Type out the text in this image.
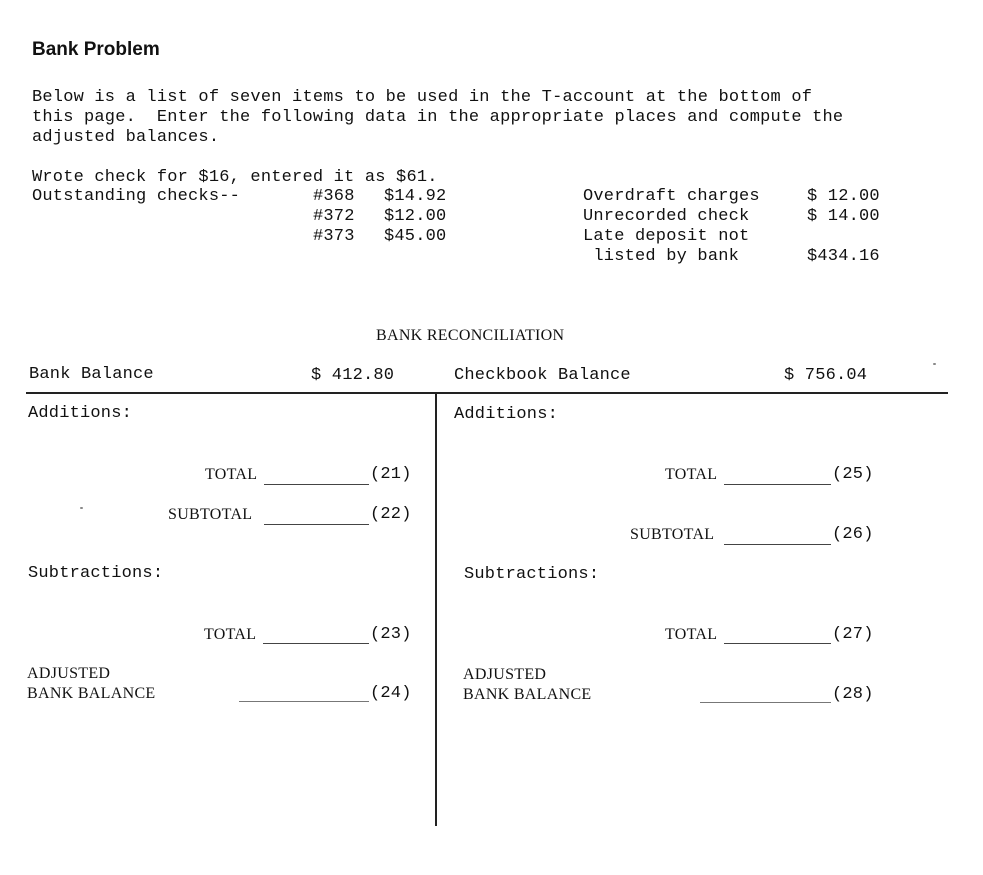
Bank Problem
Below is a list of seven items to be used in the T-account at the bottom of
this page.  Enter the following data in the appropriate places and compute the
adjusted balances.
Wrote check for $16, entered it as $61.
Outstanding checks--	#368 $14.92
#372 $12.00
#373 $45.00
Overdraft charges	$ 12.00
Unrecorded check	$ 14.00
Late deposit not
listed by bank	$434.16
BANK RECONCILIATION
Bank Balance	$ 412.80	Checkbook Balance	$ 756.04
Additions:
TOTAL	(21)
SUBTOTAL	(22)
Subtractions:
TOTAL	(23)
ADJUSTED
BANK BALANCE	(24)
Additions:
TOTAL	(25)
SUBTOTAL	(26)
Subtractions:
TOTAL	(27)
ADJUSTED
BANK BALANCE	(28)
